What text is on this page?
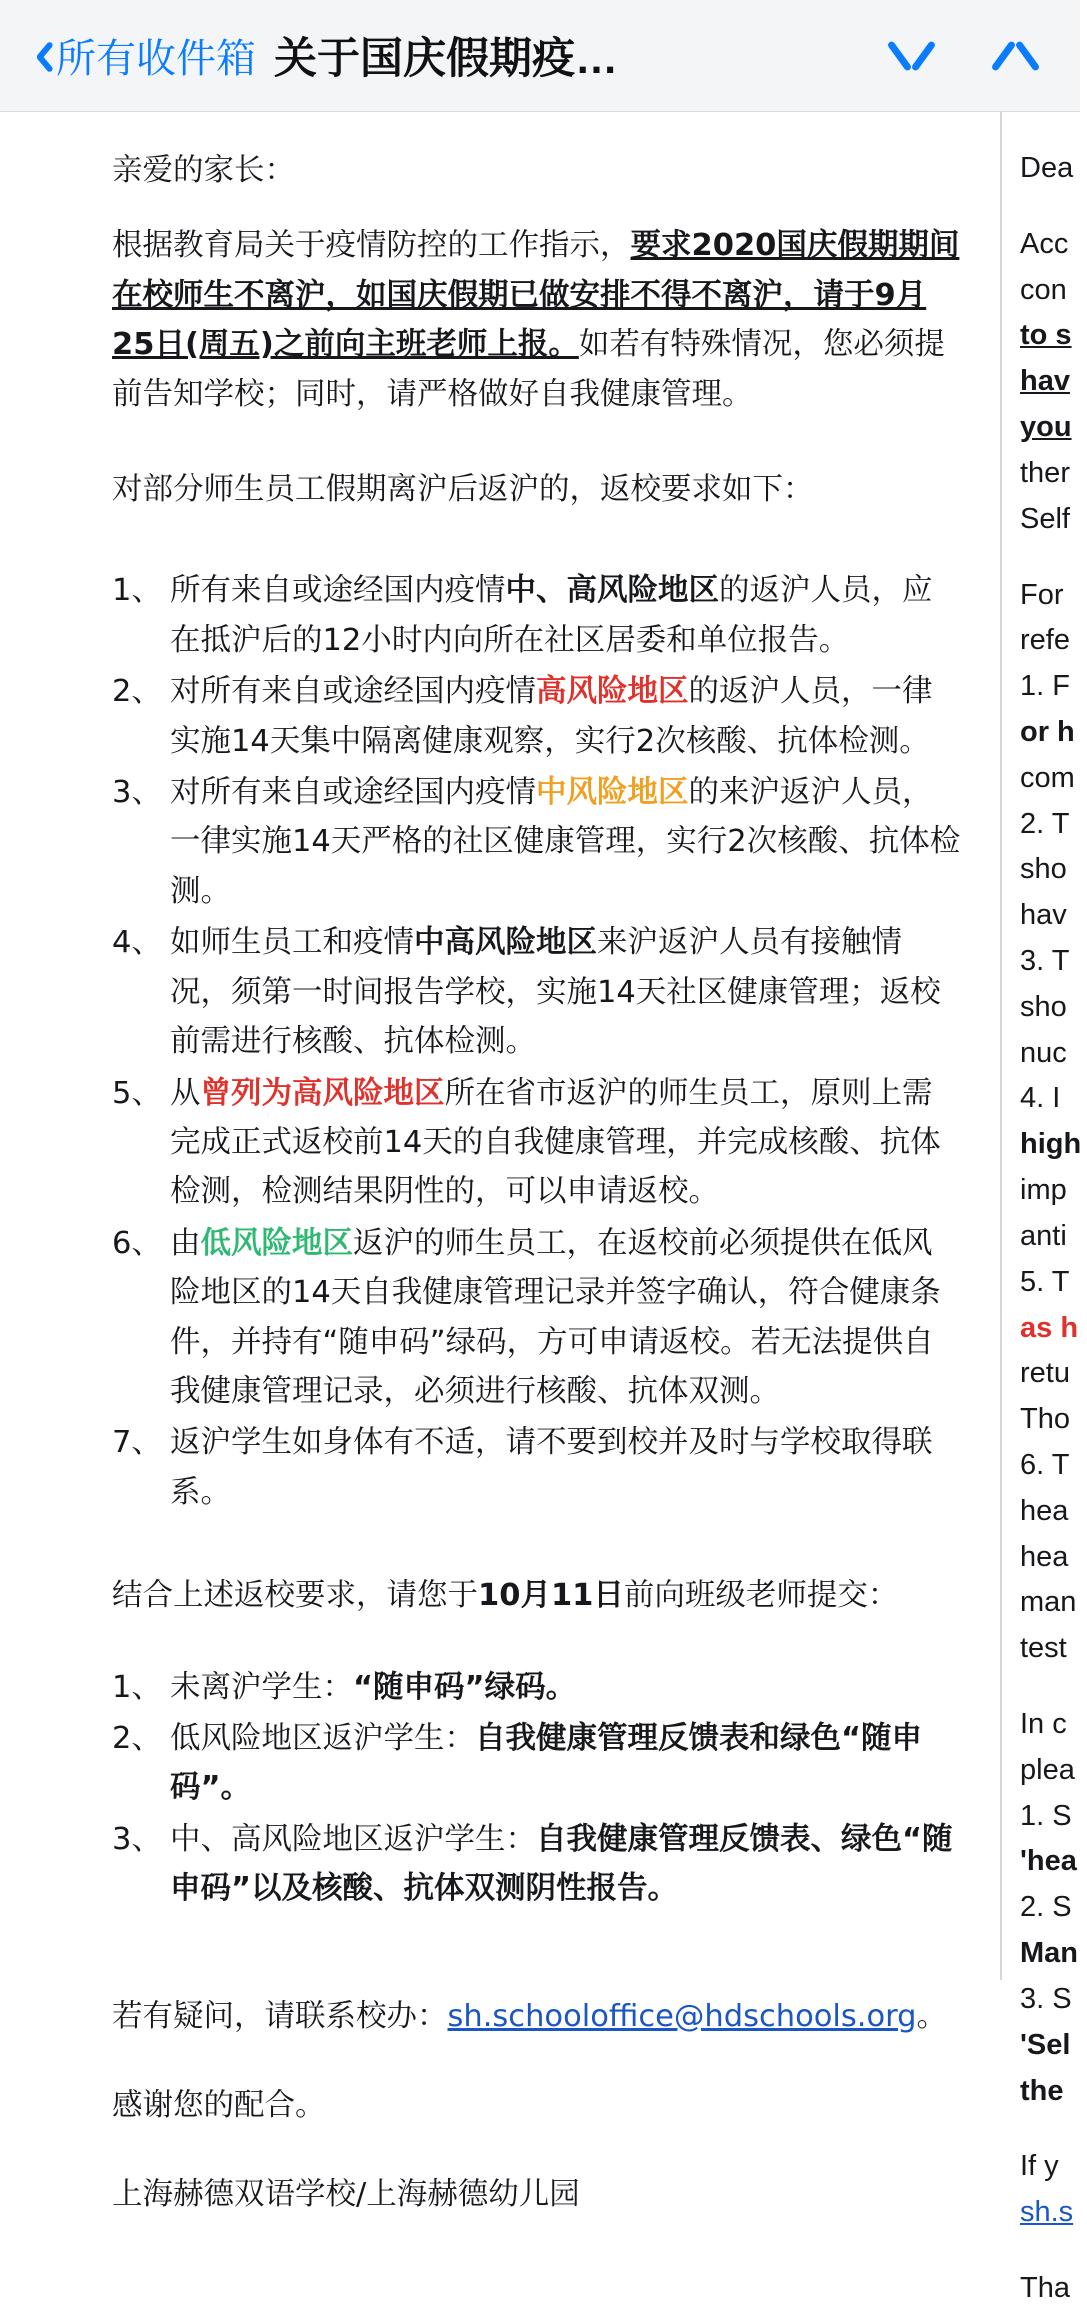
所有收件箱 关于国庆假期疫…

亲爱的家长：

根据教育局关于疫情防控的工作指示，要求2020国庆假期期间在校师生不离沪，如国庆假期已做安排不得不离沪，请于9月25日(周五)之前向主班老师上报。如若有特殊情况，您必须提前告知学校；同时，请严格做好自我健康管理。

对部分师生员工假期离沪后返沪的，返校要求如下：

1、 所有来自或途经国内疫情中、高风险地区的返沪人员，应在抵沪后的12小时内向所在社区居委和单位报告。
2、 对所有来自或途经国内疫情高风险地区的返沪人员，一律实施14天集中隔离健康观察，实行2次核酸、抗体检测。
3、 对所有来自或途经国内疫情中风险地区的来沪返沪人员，一律实施14天严格的社区健康管理，实行2次核酸、抗体检测。
4、 如师生员工和疫情中高风险地区来沪返沪人员有接触情况，须第一时间报告学校，实施14天社区健康管理；返校前需进行核酸、抗体检测。
5、 从曾列为高风险地区所在省市返沪的师生员工，原则上需完成正式返校前14天的自我健康管理，并完成核酸、抗体检测，检测结果阴性的，可以申请返校。
6、 由低风险地区返沪的师生员工，在返校前必须提供在低风险地区的14天自我健康管理记录并签字确认，符合健康条件，并持有“随申码”绿码，方可申请返校。若无法提供自我健康管理记录，必须进行核酸、抗体双测。
7、 返沪学生如身体有不适，请不要到校并及时与学校取得联系。

结合上述返校要求，请您于10月11日前向班级老师提交：

1、 未离沪学生：“随申码”绿码。
2、 低风险地区返沪学生：自我健康管理反馈表和绿色“随申码”。
3、 中、高风险地区返沪学生：自我健康管理反馈表、绿色“随申码”以及核酸、抗体双测阴性报告。

若有疑问，请联系校办：sh.schooloffice@hdschools.org。

感谢您的配合。

上海赫德双语学校/上海赫德幼儿园

Dea
Acc
con
to s
hav
you
ther
Self
For
refe
1. F
or h
com
2. T
sho
hav
3. T
sho
nuc
4. I
high
imp
anti
5. T
as h
retu
Tho
6. T
hea
hea
man
test
In c
plea
1. S
'hea
2. S
Man
3. S
'Sel
the
If y
sh.s
Tha
